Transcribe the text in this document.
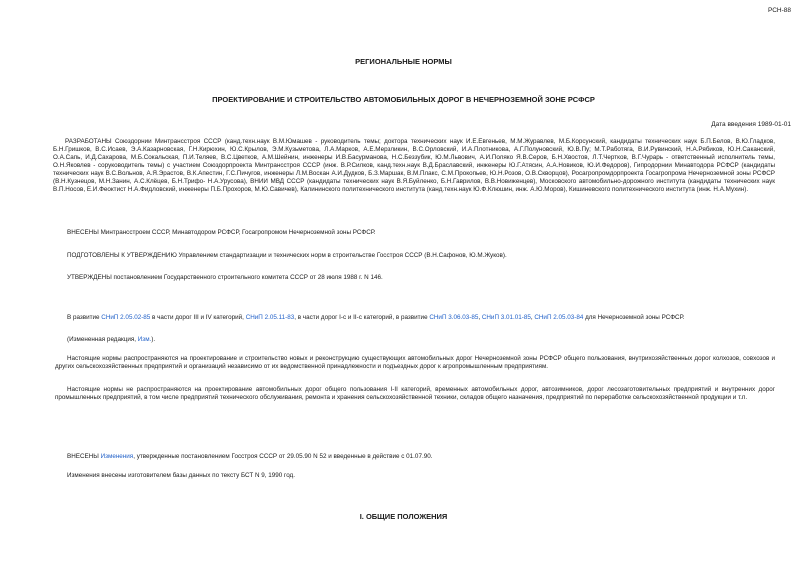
РСН-88
РЕГИОНАЛЬНЫЕ НОРМЫ
ПРОЕКТИРОВАНИЕ И СТРОИТЕЛЬСТВО АВТОМОБИЛЬНЫХ ДОРОГ В НЕЧЕРНОЗЕМНОЙ ЗОНЕ РСФСР
Дата введения 1989-01-01
РАЗРАБОТАНЫ Союздорнии Минтрансстроя СССР (канд.техн.наук В.М.Юмашев - руководитель темы; доктора технических наук И.Е.Евгеньев, М.М.Журавлев, М.Б.Корсунский, кандидаты технических наук Б.П.Белов, В.Ю.Гладков, Б.Н.Гришков, В.С.Исаев, Э.А.Казарновская, Г.Н.Кирюхин, Ю.С.Крылов, Э.М.Кузьметова, Л.А.Марков, А.Е.Мерзликин, В.С.Орловский, И.А.Плотникова, А.Г.Полуновский, Ю.В.Пу; М.Т.Работяга, В.И.Рувинский, Н.А.Рябиков, Ю.Н.Саканский, О.А.Сапь, И.Д.Сахарова, М.Б.Сокальская, П.И.Теляев, В.С.Цветков, А.М.Шейнин, инженеры И.В.Басурманова, Н.С.Беззубик, Ю.М.Львович, А.И.Поляко Я.В.Серов, Б.Н.Хвостов, Л.Т.Чертков, В.Г.Чурарь - ответственный исполнитель темы, О.Н.Яковлев - соруководитель темы) с участием Союздорпроекта Минтрансстроя СССР (инж. В.Р.Силков, канд.техн.наук В.Д.Браславский, инженеры Ю.Г.Атясин, А.А.Новиков, Ю.И.Федоров), Гипродорнии Минавтодора РСФСР (кандидаты технических наук В.С.Вольнов, А.Я.Эрастов, В.К.Апестин, Г.С.Пичугов, инженеры Л.М.Воскан А.И.Дудков, Б.З.Маршак, В.М.Плакс, С.М.Прокопьев, Ю.Н.Розов, О.В.Скворцов), Росагропромдорпроекта Госагропрома Нечерноземной зоны РСФСР (В.Н.Кузнецов, М.Н.Занин, А.С.Клёцев, Б.Н.Трифо- Н.А.Урусова), ВНИИ МВД СССР (кандидаты технических наук В.Я.Буйленко, Б.Н.Гаврилов, В.В.Новиженцев), Московского автомобильно-дорожного института (кандидаты технических наук В.П.Носов, Е.И.Феоктист Н.А.Фидловский, инженеры П.Б.Прохоров, М.Ю.Савичев), Калининского политехнического института (канд.техн.наук Ю.Ф.Клюшин, инж. А.Ю.Моров), Кишиневского политехнического института (инж. Н.А.Мухин).
ВНЕСЕНЫ Минтрансстроем СССР, Минавтодором РСФСР, Госагропромом Нечерноземной зоны РСФСР.
ПОДГОТОВЛЕНЫ К УТВЕРЖДЕНИЮ Управлением стандартизации и технических норм в строительстве Госстроя СССР (В.Н.Сафонов, Ю.М.Жуков).
УТВЕРЖДЕНЫ постановлением Государственного строительного комитета СССР от 28 июля 1988 г. N 146.
В развитие СНиП 2.05.02-85 в части дорог III и IV категорий, СНиП 2.05.11-83, в части дорог I-с и II-с категорий, в развитие СНиП 3.06.03-85, СНиП 3.01.01-85, СНиП 2.05.03-84 для Нечерноземной зоны РСФСР.
(Измененная редакция, Изм.).
Настоящие нормы распространяются на проектирование и строительство новых и реконструкцию существующих автомобильных дорог Нечерноземной зоны РСФСР общего пользования, внутрихозяйственных дорог колхозов, совхозов и других сельскохозяйственных предприятий и организаций независимо от их ведомственной принадлежности и подъездных дорог к агропромышленным предприятиям.
Настоящие нормы не распространяются на проектирование автомобильных дорог общего пользования I-II категорий, временных автомобильных дорог, автозимников, дорог лесозаготовительных предприятий и внутренних дорог промышленных предприятий, в том числе предприятий технического обслуживания, ремонта и хранения сельскохозяйственной техники, складов общего назначения, предприятий по переработке сельскохозяйственной продукции и т.п.
ВНЕСЕНЫ Изменения, утвержденные постановлением Госстроя СССР от 29.05.90 N 52 и введенные в действие с 01.07.90.
Изменения внесены изготовителем базы данных по тексту БСТ N 9, 1990 год.
I. ОБЩИЕ ПОЛОЖЕНИЯ
